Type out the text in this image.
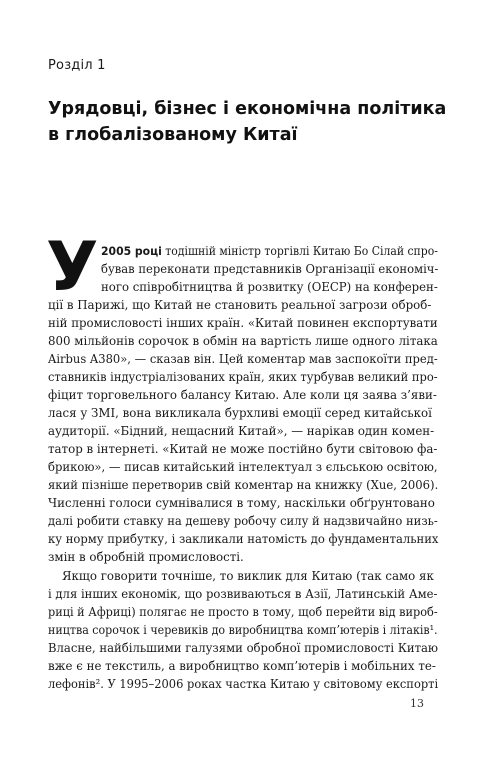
Розділ 1
Урядовці, бізнес і економічна політика
в глобалізованому Китаї
У 2005 році тодішній міністр торгівлі Китаю Бо Сілай спро-
бував переконати представників Організації економіч-
ного співробітництва й розвитку (ОЕСР) на конферен-
ції в Парижі, що Китай не становить реальної загрози оброб-
ній промисловості інших країн. «Китай повинен експортувати
800 мільйонів сорочок в обмін на вартість лише одного літака
Airbus A380», — сказав він. Цей коментар мав заспокоїти пред-
ставників індустріалізованих країн, яких турбував великий про-
фіцит торговельного балансу Китаю. Але коли ця заява з’яви-
лася у ЗМІ, вона викликала бурхливі емоції серед китайської
аудиторії. «Бідний, нещасний Китай», — нарікав один комен-
татор в інтернеті. «Китай не може постійно бути світовою фа-
брикою», — писав китайський інтелектуал з єльською освітою,
який пізніше перетворив свій коментар на книжку (Xue, 2006).
Численні голоси сумнівалися в тому, наскільки обґрунтовано
далі робити ставку на дешеву робочу силу й надзвичайно низь-
ку норму прибутку, і закликали натомість до фундаментальних
змін в обробній промисловості.
Якщо говорити точніше, то виклик для Китаю (так само як
і для інших економік, що розвиваються в Азії, Латинській Аме-
риці й Африці) полягає не просто в тому, щоб перейти від вироб-
ництва сорочок і черевиків до виробництва комп’ютерів і літаків¹.
Власне, найбільшими галузями обробної промисловості Китаю
вже є не текстиль, а виробництво комп’ютерів і мобільних те-
лефонів². У 1995–2006 роках частка Китаю у світовому експорті
13
